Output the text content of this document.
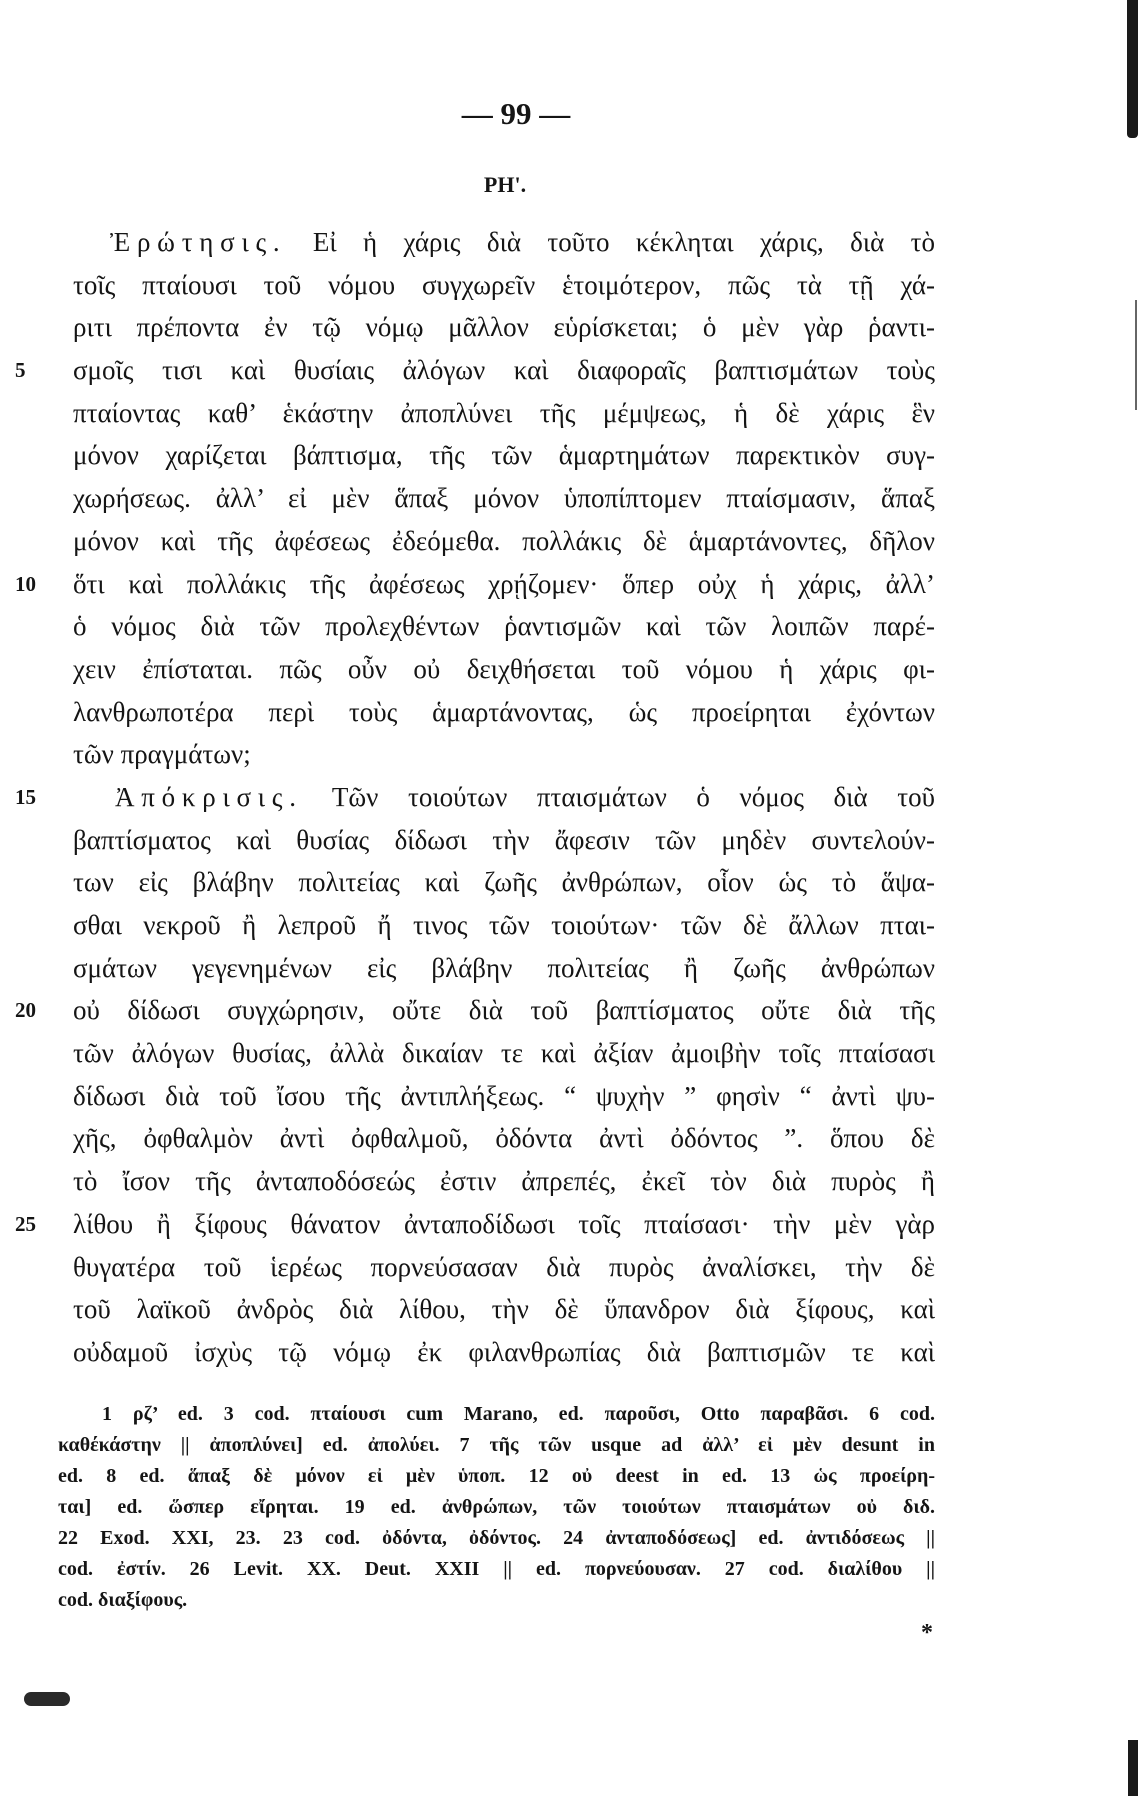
— 99 —
ΡΗ'.
Ἐρώτησις. Εἰ ἡ χάρις διὰ τοῦτο κέκληται χάρις, διὰ τὸ
τοῖς πταίουσι τοῦ νόμου συγχωρεῖν ἑτοιμότερον, πῶς τὰ τῇ χά-
ριτι πρέποντα ἐν τῷ νόμῳ μᾶλλον εὑρίσκεται; ὁ μὲν γὰρ ῥαντι-
5	σμοῖς τισι καὶ θυσίαις ἀλόγων καὶ διαφοραῖς βαπτισμάτων τοὺς
πταίοντας καθ’ ἑκάστην ἀποπλύνει τῆς μέμψεως, ἡ δὲ χάρις ἓν
μόνον χαρίζεται βάπτισμα, τῆς τῶν ἁμαρτημάτων παρεκτικὸν συγ-
χωρήσεως. ἀλλ’ εἰ μὲν ἅπαξ μόνον ὑποπίπτομεν πταίσμασιν, ἅπαξ
μόνον καὶ τῆς ἀφέσεως ἐδεόμεθα. πολλάκις δὲ ἁμαρτάνοντες, δῆλον
10	ὅτι καὶ πολλάκις τῆς ἀφέσεως χρῄζομεν· ὅπερ οὐχ ἡ χάρις, ἀλλ’
ὁ νόμος διὰ τῶν προλεχθέντων ῥαντισμῶν καὶ τῶν λοιπῶν παρέ-
χειν ἐπίσταται. πῶς οὖν οὐ δειχθήσεται τοῦ νόμου ἡ χάρις φι-
λανθρωποτέρα περὶ τοὺς ἁμαρτάνοντας, ὡς προείρηται ἐχόντων
τῶν πραγμάτων;
15	Ἀπόκρισις. Τῶν τοιούτων πταισμάτων ὁ νόμος διὰ τοῦ
βαπτίσματος καὶ θυσίας δίδωσι τὴν ἄφεσιν τῶν μηδὲν συντελούν-
των εἰς βλάβην πολιτείας καὶ ζωῆς ἀνθρώπων, οἷον ὡς τὸ ἅψα-
σθαι νεκροῦ ἢ λεπροῦ ἤ τινος τῶν τοιούτων· τῶν δὲ ἄλλων πται-
σμάτων γεγενημένων εἰς βλάβην πολιτείας ἢ ζωῆς ἀνθρώπων
20	οὐ δίδωσι συγχώρησιν, οὔτε διὰ τοῦ βαπτίσματος οὔτε διὰ τῆς
τῶν ἀλόγων θυσίας, ἀλλὰ δικαίαν τε καὶ ἀξίαν ἀμοιβὴν τοῖς πταίσασι
δίδωσι διὰ τοῦ ἴσου τῆς ἀντιπλήξεως. “ ψυχὴν ” φησὶν “ ἀντὶ ψυ-
χῆς, ὀφθαλμὸν ἀντὶ ὀφθαλμοῦ, ὀδόντα ἀντὶ ὀδόντος ”. ὅπου δὲ
τὸ ἴσον τῆς ἀνταποδόσεώς ἐστιν ἀπρεπές, ἐκεῖ τὸν διὰ πυρὸς ἢ
25	λίθου ἢ ξίφους θάνατον ἀνταποδίδωσι τοῖς πταίσασι· τὴν μὲν γὰρ
θυγατέρα τοῦ ἱερέως πορνεύσασαν διὰ πυρὸς ἀναλίσκει, τὴν δὲ
τοῦ λαϊκοῦ ἀνδρὸς διὰ λίθου, τὴν δὲ ὕπανδρον διὰ ξίφους, καὶ
οὐδαμοῦ ἰσχὺς τῷ νόμῳ ἐκ φιλανθρωπίας διὰ βαπτισμῶν τε καὶ
1 ρζ’ ed. 3 cod. πταίουσι cum Marano, ed. παροῦσι, Otto παραβᾶσι. 6 cod.
καθέκάστην || ἀποπλύνει] ed. ἀπολύει. 7 τῆς τῶν usque ad ἀλλ’ εἰ μὲν desunt in
ed. 8 ed. ἅπαξ δὲ μόνον εἰ μὲν ὑποπ. 12 οὐ deest in ed. 13 ὡς προείρη-
ται] ed. ὥσπερ εἴρηται. 19 ed. ἀνθρώπων, τῶν τοιούτων πταισμάτων οὐ διδ.
22 Exod. XXI, 23. 23 cod. ὀδόντα, ὀδόντος. 24 ἀνταποδόσεως] ed. ἀντιδόσεως ||
cod. ἐστίν. 26 Levit. XX. Deut. XXII || ed. πορνεύουσαν. 27 cod. διαλίθου ||
cod. διαξίφους.
*
